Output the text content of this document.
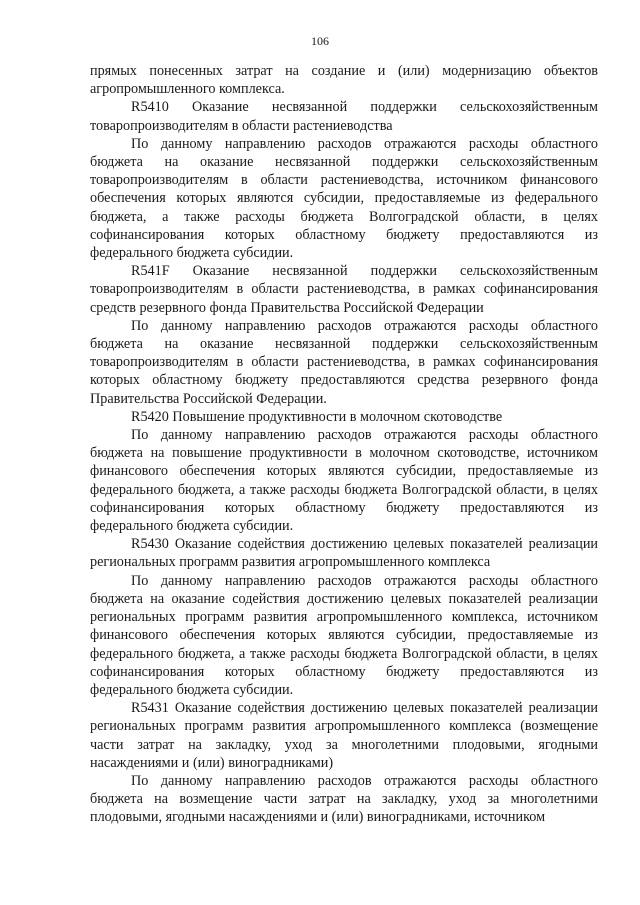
106

прямых понесенных затрат на создание и (или) модернизацию объектов агропромышленного комплекса.

R5410 Оказание несвязанной поддержки сельскохозяйственным товаропроизводителям в области растениеводства

По данному направлению расходов отражаются расходы областного бюджета на оказание несвязанной поддержки сельскохозяйственным товаропроизводителям в области растениеводства, источником финансового обеспечения которых являются субсидии, предоставляемые из федерального бюджета, а также расходы бюджета Волгоградской области, в целях софинансирования которых областному бюджету предоставляются из федерального бюджета субсидии.

R541F Оказание несвязанной поддержки сельскохозяйственным товаропроизводителям в области растениеводства, в рамках софинансирования средств резервного фонда Правительства Российской Федерации

По данному направлению расходов отражаются расходы областного бюджета на оказание несвязанной поддержки сельскохозяйственным товаропроизводителям в области растениеводства, в рамках софинансирования которых областному бюджету предоставляются средства резервного фонда Правительства Российской Федерации.

R5420 Повышение продуктивности в молочном скотоводстве

По данному направлению расходов отражаются расходы областного бюджета на повышение продуктивности в молочном скотоводстве, источником финансового обеспечения которых являются субсидии, предоставляемые из федерального бюджета, а также расходы бюджета Волгоградской области, в целях софинансирования которых областному бюджету предоставляются из федерального бюджета субсидии.

R5430 Оказание содействия достижению целевых показателей реализации региональных программ развития агропромышленного комплекса

По данному направлению расходов отражаются расходы областного бюджета на оказание содействия достижению целевых показателей реализации региональных программ развития агропромышленного комплекса, источником финансового обеспечения которых являются субсидии, предоставляемые из федерального бюджета, а также расходы бюджета Волгоградской области, в целях софинансирования которых областному бюджету предоставляются из федерального бюджета субсидии.

R5431 Оказание содействия достижению целевых показателей реализации региональных программ развития агропромышленного комплекса (возмещение части затрат на закладку, уход за многолетними плодовыми, ягодными насаждениями и (или) виноградниками)

По данному направлению расходов отражаются расходы областного бюджета на возмещение части затрат на закладку, уход за многолетними плодовыми, ягодными насаждениями и (или) виноградниками, источником
